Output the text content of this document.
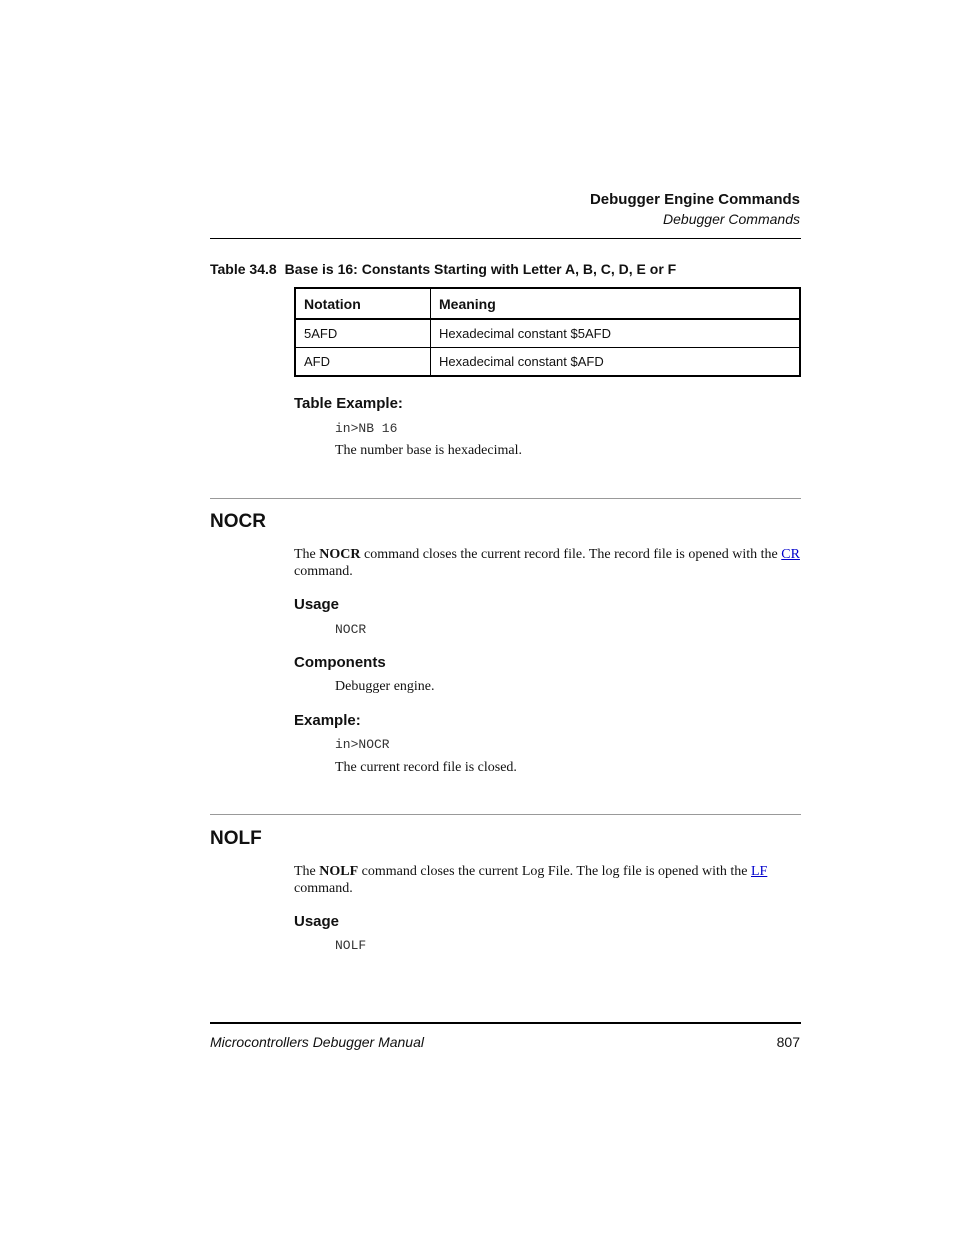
Debugger Engine Commands
Debugger Commands
Table 34.8 Base is 16: Constants Starting with Letter A, B, C, D, E or F
Notation	Meaning
5AFD	Hexadecimal constant $5AFD
AFD	Hexadecimal constant $AFD
Table Example:
in>NB 16
The number base is hexadecimal.
NOCR
The NOCR command closes the current record file. The record file is opened with the CR command.
Usage
NOCR
Components
Debugger engine.
Example:
in>NOCR
The current record file is closed.
NOLF
The NOLF command closes the current Log File. The log file is opened with the LF command.
Usage
NOLF
Microcontrollers Debugger Manual	807
